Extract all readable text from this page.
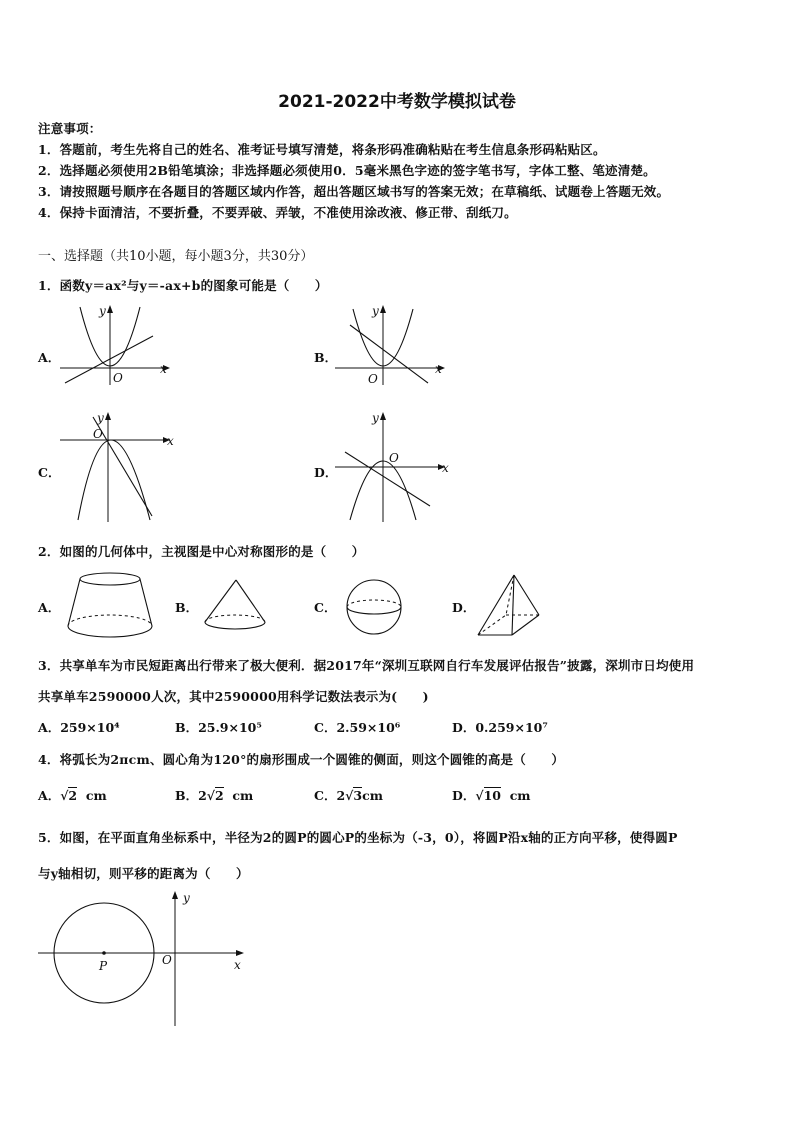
2021-2022中考数学模拟试卷
注意事项：
1．答题前，考生先将自己的姓名、准考证号填写清楚，将条形码准确粘贴在考生信息条形码粘贴区。
2．选择题必须使用2B铅笔填涂；非选择题必须使用0．5毫米黑色字迹的签字笔书写，字体工整、笔迹清楚。
3．请按照题号顺序在各题目的答题区域内作答，超出答题区域书写的答案无效；在草稿纸、试题卷上答题无效。
4．保持卡面清洁，不要折叠，不要弄破、弄皱，不准使用涂改液、修正带、刮纸刀。
一、选择题（共10小题，每小题3分，共30分）
1．函数y＝ax²与y＝-ax+b的图象可能是（　　）
A．
x
y
O
B．
x
y
O
C．
x
y
O
D．	x
y
O
2．如图的几何体中，主视图是中心对称图形的是（　　）
A．	B．	C．	D．
3．共享单车为市民短距离出行带来了极大便利．据2017年“深圳互联网自行车发展评估报告”披露，深圳市日均使用
共享单车2590000人次，其中2590000用科学记数法表示为(　　)
A．259×10⁴	B．25.9×10⁵	C．2.59×10⁶	D．0.259×10⁷
4．将弧长为2πcm、圆心角为120°的扇形围成一个圆锥的侧面，则这个圆锥的高是（　　）
A．√2 cm	B．2√2 cm	C．2√3cm	D．√10 cm
5．如图，在平面直角坐标系中，半径为2的圆P的圆心P的坐标为（-3，0），将圆P沿x轴的正方向平移，使得圆P
与y轴相切，则平移的距离为（　　）
P	O	x
y
